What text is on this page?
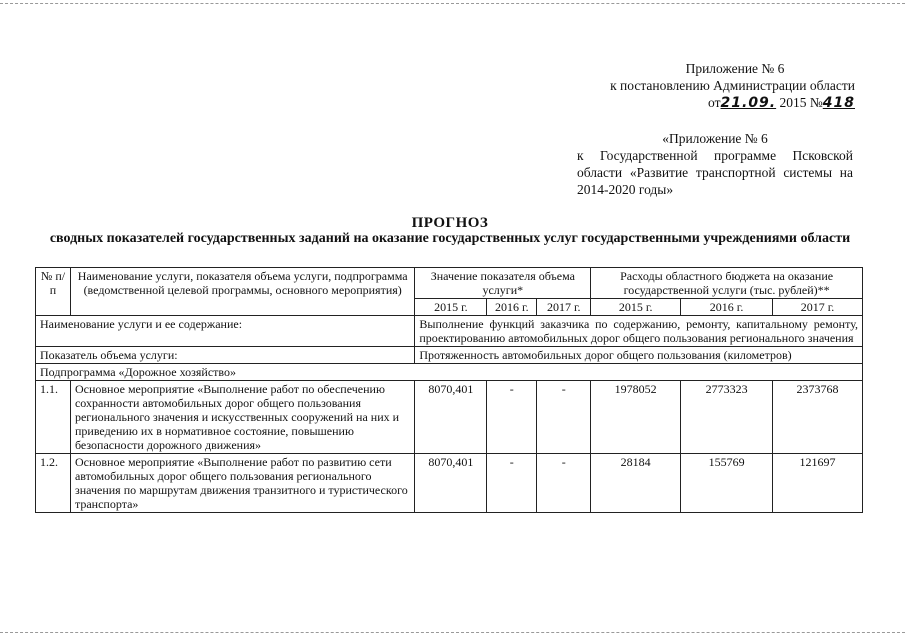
Приложение № 6
к постановлению Администрации области
от21.09. 2015 №418
«Приложение № 6
к Государственной программе Псковской области «Развитие транспортной системы на 2014-2020 годы»
ПРОГНОЗ
сводных показателей государственных заданий на оказание государственных услуг государственными учреждениями области
№ п/п	Наименование услуги, показателя объема услуги, подпрограмма (ведомственной целевой программы, основного мероприятия)	Значение показателя объема услуги*			Расходы областного бюджета на оказание государственной услуги (тыс. рублей)**		
		2015 г.	2016 г.	2017 г.	2015 г.	2016 г.	2017 г.
Наименование услуги и ее содержание:		Выполнение функций заказчика по содержанию, ремонту, капитальному ремонту, проектированию автомобильных дорог общего пользования регионального значения					
Показатель объема услуги:		Протяженность автомобильных дорог общего пользования (километров)					
Подпрограмма «Дорожное хозяйство»							
1.1.	Основное мероприятие «Выполнение работ по обеспечению сохранности автомобильных дорог общего пользования регионального значения и искусственных сооружений на них и приведению их в нормативное состояние, повышению безопасности дорожного движения»	8070,401	-	-	1978052	2773323	2373768
1.2.	Основное мероприятие «Выполнение работ по развитию сети автомобильных дорог общего пользования регионального значения по маршрутам движения транзитного и туристического транспорта»	8070,401	-	-	28184	155769	121697
